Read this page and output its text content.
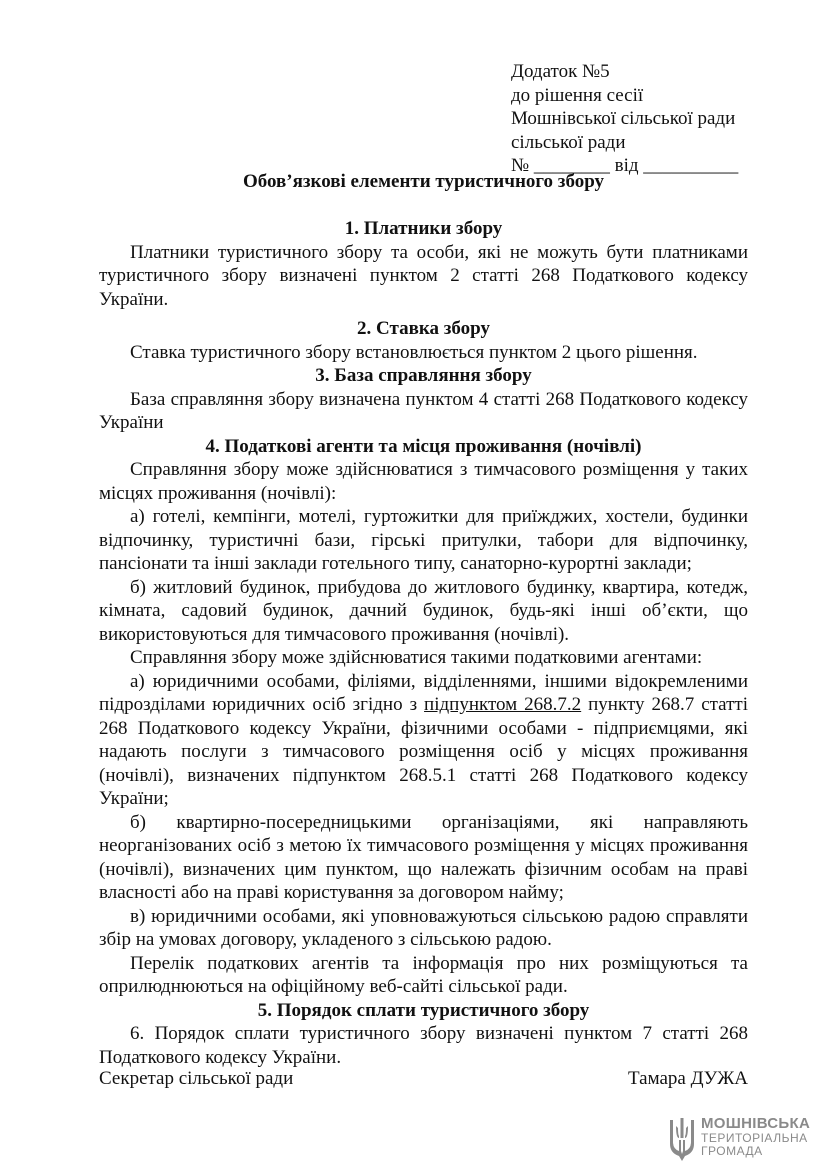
Додаток №5
до рішення сесії
Мошнівської сільської ради
сільської ради
№ ________ від __________

Обов’язкові елементи туристичного збору

1. Платники збору

Платники туристичного збору та особи, які не можуть бути платниками туристичного збору визначені пунктом 2 статті 268 Податкового кодексу України.

2. Ставка збору

Ставка туристичного збору встановлюється пунктом 2 цього рішення.

3. База справляння збору

База справляння збору визначена пунктом 4 статті 268 Податкового кодексу України

4. Податкові агенти та місця проживання (ночівлі)

Справляння збору може здійснюватися з тимчасового розміщення у таких місцях проживання (ночівлі):

а) готелі, кемпінги, мотелі, гуртожитки для приїжджих, хостели, будинки відпочинку, туристичні бази, гірські притулки, табори для відпочинку, пансіонати та інші заклади готельного типу, санаторно-курортні заклади;

б) житловий будинок, прибудова до житлового будинку, квартира, котедж, кімната, садовий будинок, дачний будинок, будь-які інші об’єкти, що використовуються для тимчасового проживання (ночівлі).

Справляння збору може здійснюватися такими податковими агентами:

а) юридичними особами, філіями, відділеннями, іншими відокремленими підрозділами юридичних осіб згідно з підпунктом 268.7.2 пункту 268.7 статті 268 Податкового кодексу України, фізичними особами - підприємцями, які надають послуги з тимчасового розміщення осіб у місцях проживання (ночівлі), визначених підпунктом 268.5.1 статті 268 Податкового кодексу України;

б) квартирно-посередницькими організаціями, які направляють неорганізованих осіб з метою їх тимчасового розміщення у місцях проживання (ночівлі), визначених цим пунктом, що належать фізичним особам на праві власності або на праві користування за договором найму;

в) юридичними особами, які уповноважуються сільською радою справляти збір на умовах договору, укладеного з сільською радою.

Перелік податкових агентів та інформація про них розміщуються та оприлюднюються на офіційному веб-сайті сільської ради.

5. Порядок сплати туристичного збору

6. Порядок сплати туристичного збору визначені пунктом 7 статті 268 Податкового кодексу України.

Секретар сільської ради	Тамара ДУЖА
МОШНІВСЬКА
ТЕРИТОРІАЛЬНА
ГРОМАДА
